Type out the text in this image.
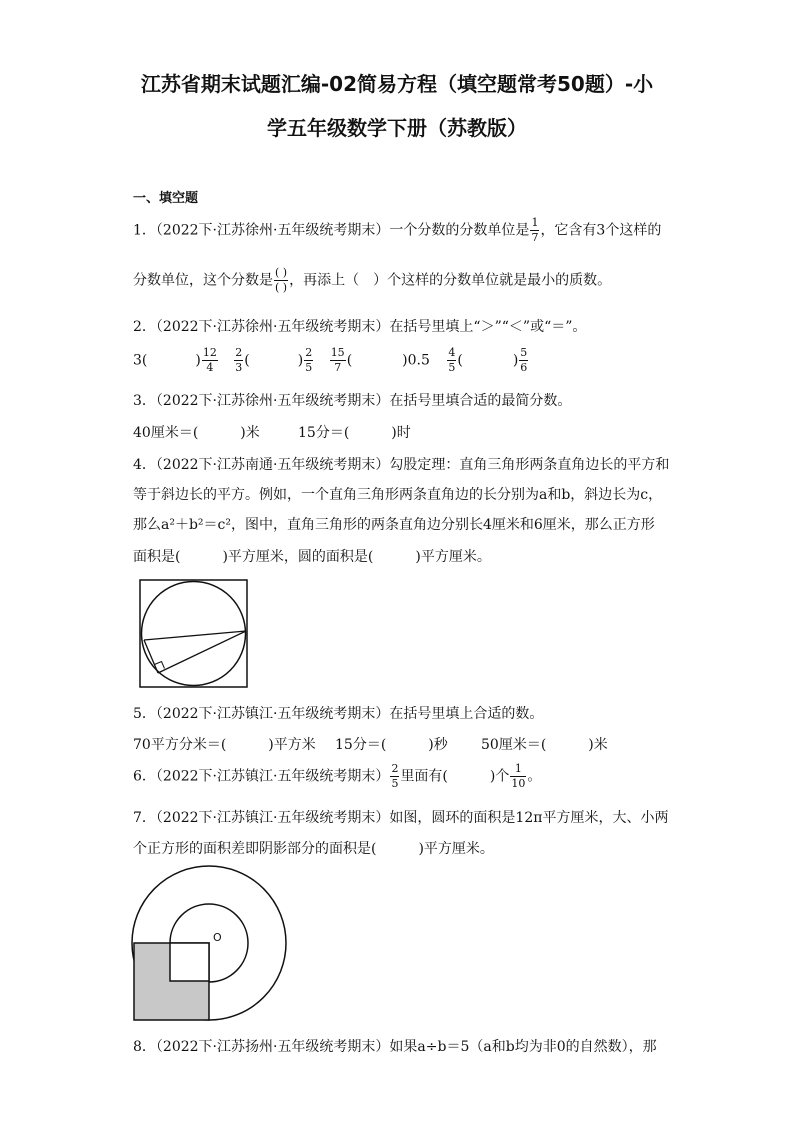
江苏省期末试题汇编-02简易方程（填空题常考50题）-小
学五年级数学下册（苏教版）
一、填空题
1．（2022下·江苏徐州·五年级统考期末）一个分数的分数单位是 $\frac{1}{7}$ ，它含有3个这样的
分数单位，这个分数是 $\frac{( )}{( )}$ ，再添上（　）个这样的分数单位就是最小的质数。
2．（2022下·江苏徐州·五年级统考期末）在括号里填上“＞”“＜”或“＝”。
3(	) $\frac{12}{4}$
$\frac{2}{3}$ (	) $\frac{2}{5}$
$\frac{15}{7}$ (	)$0.5 \frac{4}{5}$ (	) $\frac{5}{6}$
3．（2022下·江苏徐州·五年级统考期末）在括号里填合适的最简分数。
40厘米＝(　　　)米	15分＝(　　　)时
4．（2022下·江苏南通·五年级统考期末）勾股定理：直角三角形两条直角边长的平方和
等于斜边长的平方。例如，一个直角三角形两条直角边的长分别为a和b，斜边长为c，
那么a²＋b²＝c²，图中，直角三角形的两条直角边分别长4厘米和6厘米，那么正方形
面积是(　　　)平方厘米，圆的面积是(　　　)平方厘米。
5．（2022下·江苏镇江·五年级统考期末）在括号里填上合适的数。
70平方分米＝(　　　)平方米 15分＝(　　　)秒 50厘米＝(　　　)米
6．（2022下·江苏镇江·五年级统考期末） $\frac{2}{5}$ 里面有(　　　)个 $\frac{1}{10}$ 。
7．（2022下·江苏镇江·五年级统考期末）如图，圆环的面积是12π平方厘米，大、小两
个正方形的面积差即阴影部分的面积是(　　　)平方厘米。
O
8．（2022下·江苏扬州·五年级统考期末）如果a÷b＝5（a和b均为非0的自然数），那
